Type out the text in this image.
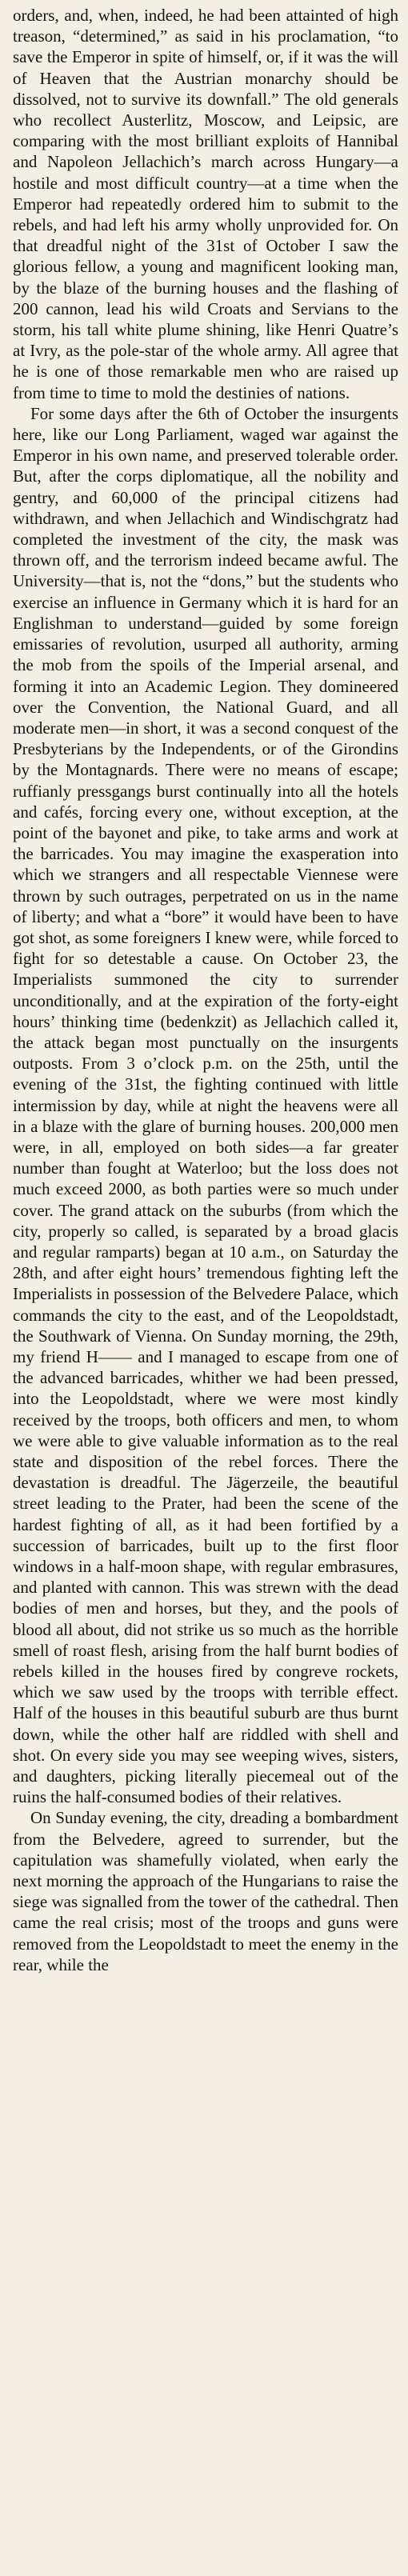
orders, and, when, indeed, he had been attainted of high treason, “determined,” as said in his proclamation, “to save the Emperor in spite of himself, or, if it was the will of Heaven that the Austrian monarchy should be dissolved, not to survive its downfall.” The old generals who recollect Austerlitz, Moscow, and Leipsic, are comparing with the most brilliant exploits of Hannibal and Napoleon Jellachich’s march across Hungary—a hostile and most difficult country—at a time when the Emperor had repeatedly ordered him to submit to the rebels, and had left his army wholly unprovided for. On that dreadful night of the 31st of October I saw the glorious fellow, a young and magnificent looking man, by the blaze of the burning houses and the flashing of 200 cannon, lead his wild Croats and Servians to the storm, his tall white plume shining, like Henri Quatre’s at Ivry, as the pole-star of the whole army. All agree that he is one of those remarkable men who are raised up from time to time to mold the destinies of nations.

For some days after the 6th of October the insurgents here, like our Long Parliament, waged war against the Emperor in his own name, and preserved tolerable order. But, after the corps diplomatique, all the nobility and gentry, and 60,000 of the principal citizens had withdrawn, and when Jellachich and Windischgratz had completed the investment of the city, the mask was thrown off, and the terrorism indeed became awful. The University—that is, not the “dons,” but the students who exercise an influence in Germany which it is hard for an Englishman to understand—guided by some foreign emissaries of revolution, usurped all authority, arming the mob from the spoils of the Imperial arsenal, and forming it into an Academic Legion. They domineered over the Convention, the National Guard, and all moderate men—in short, it was a second conquest of the Presbyterians by the Independents, or of the Girondins by the Montagnards. There were no means of escape; ruffianly pressgangs burst continually into all the hotels and cafés, forcing every one, without exception, at the point of the bayonet and pike, to take arms and work at the barricades. You may imagine the exasperation into which we strangers and all respectable Viennese were thrown by such outrages, perpetrated on us in the name of liberty; and what a “bore” it would have been to have got shot, as some foreigners I knew were, while forced to fight for so detestable a cause. On October 23, the Imperialists summoned the city to surrender unconditionally, and at the expiration of the forty-eight hours’ thinking time (bedenkzit) as Jellachich called it, the attack began most punctually on the insurgents outposts. From 3 o’clock p.m. on the 25th, until the evening of the 31st, the fighting continued with little intermission by day, while at night the heavens were all in a blaze with the glare of burning houses. 200,000 men were, in all, employed on both sides—a far greater number than fought at Waterloo; but the loss does not much exceed 2000, as both parties were so much under cover. The grand attack on the suburbs (from which the city, properly so called, is separated by a broad glacis and regular ramparts) began at 10 a.m., on Saturday the 28th, and after eight hours’ tremendous fighting left the Imperialists in possession of the Belvedere Palace, which commands the city to the east, and of the Leopoldstadt, the Southwark of Vienna. On Sunday morning, the 29th, my friend H—— and I managed to escape from one of the advanced barricades, whither we had been pressed, into the Leopoldstadt, where we were most kindly received by the troops, both officers and men, to whom we were able to give valuable information as to the real state and disposition of the rebel forces. There the devastation is dreadful. The Jägerzeile, the beautiful street leading to the Prater, had been the scene of the hardest fighting of all, as it had been fortified by a succession of barricades, built up to the first floor windows in a half-moon shape, with regular embrasures, and planted with cannon. This was strewn with the dead bodies of men and horses, but they, and the pools of blood all about, did not strike us so much as the horrible smell of roast flesh, arising from the half burnt bodies of rebels killed in the houses fired by congreve rockets, which we saw used by the troops with terrible effect. Half of the houses in this beautiful suburb are thus burnt down, while the other half are riddled with shell and shot. On every side you may see weeping wives, sisters, and daughters, picking literally piecemeal out of the ruins the half-consumed bodies of their relatives.

On Sunday evening, the city, dreading a bombardment from the Belvedere, agreed to surrender, but the capitulation was shamefully violated, when early the next morning the approach of the Hungarians to raise the siege was signalled from the tower of the cathedral. Then came the real crisis; most of the troops and guns were removed from the Leopoldstadt to meet the enemy in the rear, while the
